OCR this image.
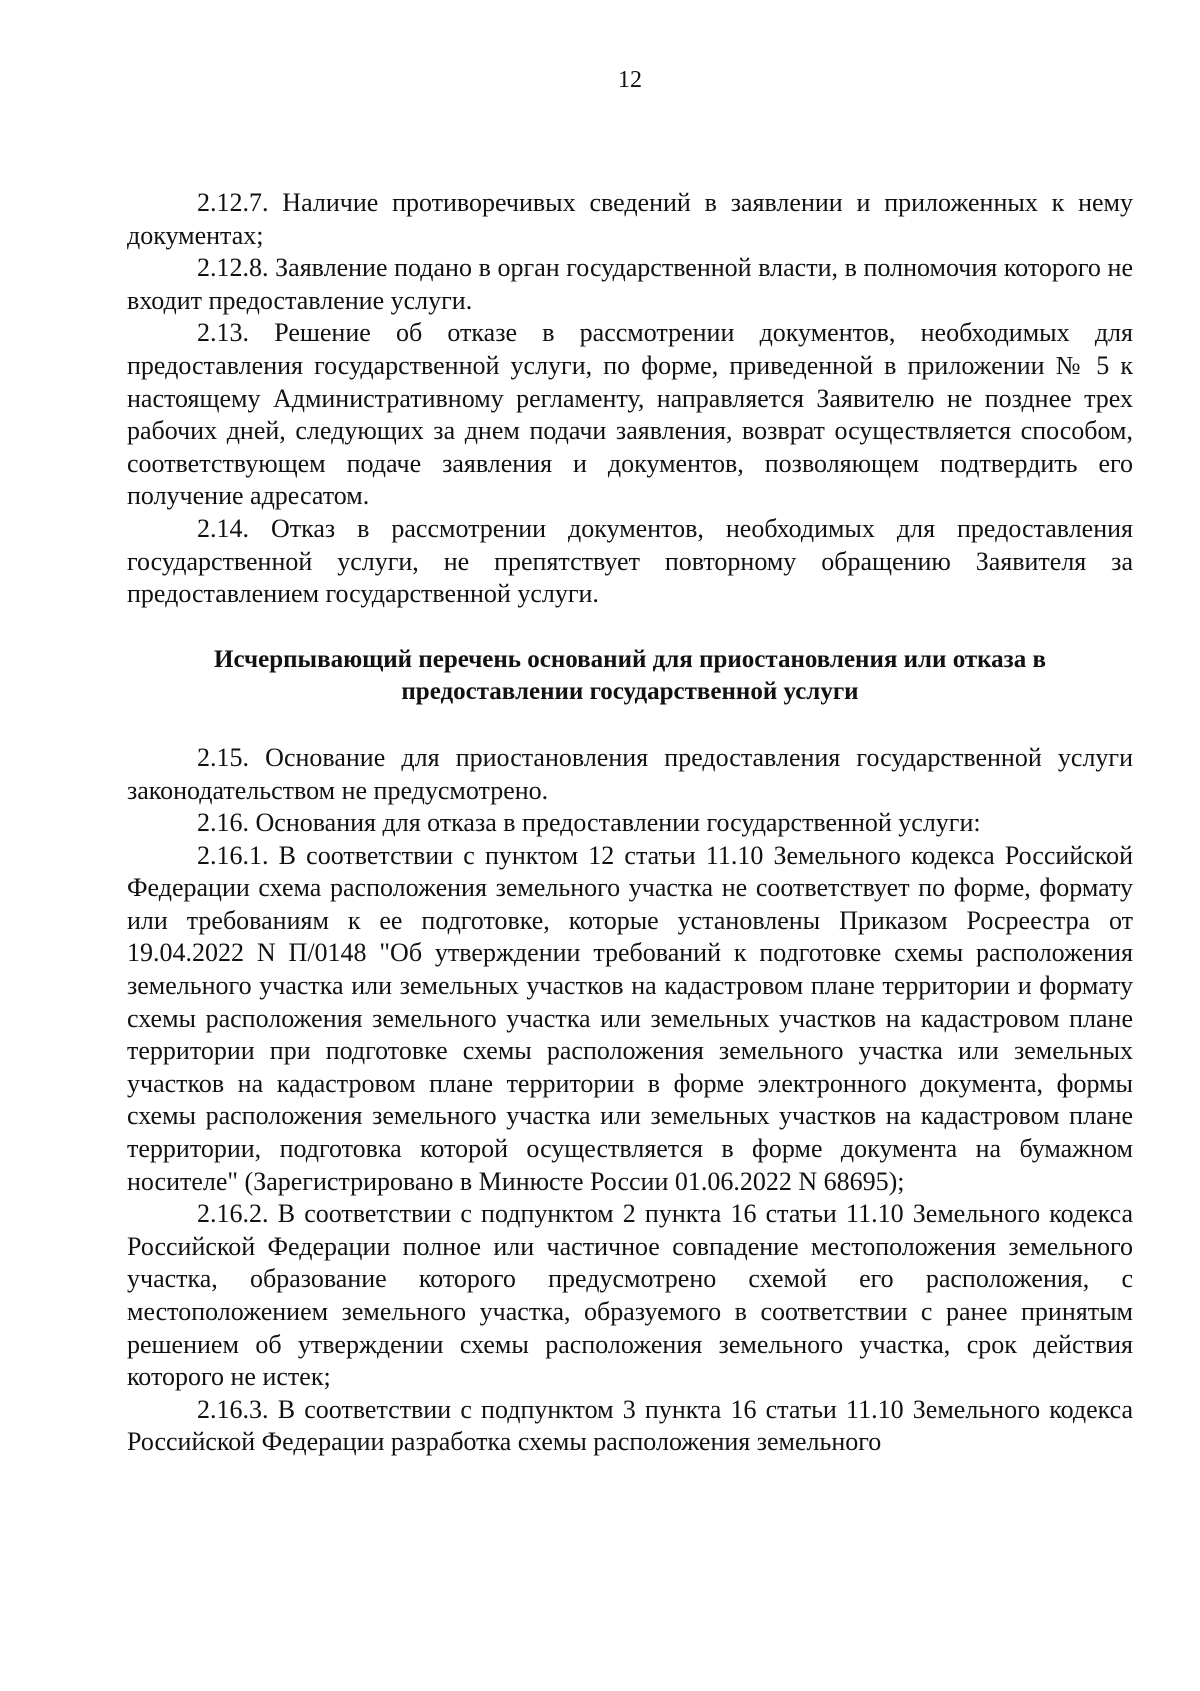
12

2.12.7. Наличие противоречивых сведений в заявлении и приложенных к нему документах;

2.12.8. Заявление подано в орган государственной власти, в полномочия которого не входит предоставление услуги.

2.13. Решение об отказе в рассмотрении документов, необходимых для предоставления государственной услуги, по форме, приведенной в приложении № 5 к настоящему Административному регламенту, направляется Заявителю не позднее трех рабочих дней, следующих за днем подачи заявления, возврат осуществляется способом, соответствующем подаче заявления и документов, позволяющем подтвердить его получение адресатом.

2.14. Отказ в рассмотрении документов, необходимых для предоставления государственной услуги, не препятствует повторному обращению Заявителя за предоставлением государственной услуги.

Исчерпывающий перечень оснований для приостановления или отказа в
предоставлении государственной услуги

2.15. Основание для приостановления предоставления государственной услуги законодательством не предусмотрено.

2.16. Основания для отказа в предоставлении государственной услуги:

2.16.1. В соответствии с пунктом 12 статьи 11.10 Земельного кодекса Российской Федерации схема расположения земельного участка не соответствует по форме, формату или требованиям к ее подготовке, которые установлены Приказом Росреестра от 19.04.2022 N П/0148 "Об утверждении требований к подготовке схемы расположения земельного участка или земельных участков на кадастровом плане территории и формату схемы расположения земельного участка или земельных участков на кадастровом плане территории при подготовке схемы расположения земельного участка или земельных участков на кадастровом плане территории в форме электронного документа, формы схемы расположения земельного участка или земельных участков на кадастровом плане территории, подготовка которой осуществляется в форме документа на бумажном носителе" (Зарегистрировано в Минюсте России 01.06.2022 N 68695);

2.16.2. В соответствии с подпунктом 2 пункта 16 статьи 11.10 Земельного кодекса Российской Федерации полное или частичное совпадение местоположения земельного участка, образование которого предусмотрено схемой его расположения, с местоположением земельного участка, образуемого в соответствии с ранее принятым решением об утверждении схемы расположения земельного участка, срок действия которого не истек;

2.16.3. В соответствии с подпунктом 3 пункта 16 статьи 11.10 Земельного кодекса Российской Федерации разработка схемы расположения земельного
